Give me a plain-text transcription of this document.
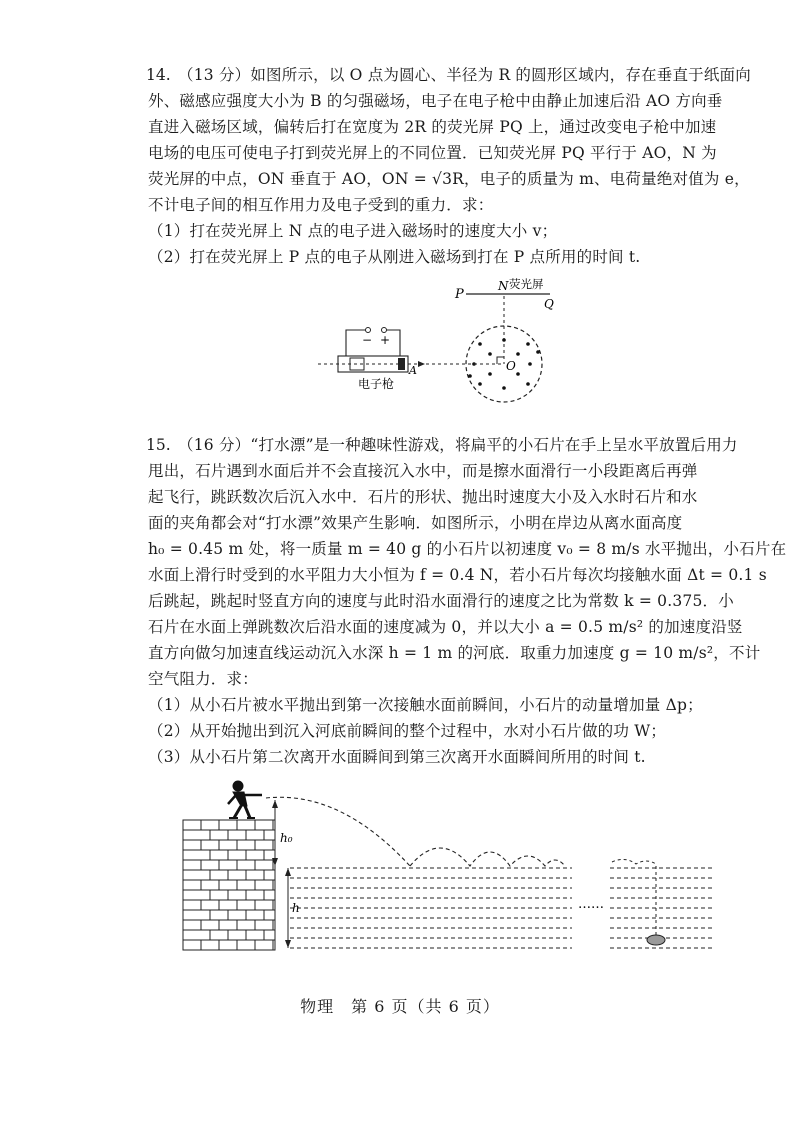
14. （13 分）如图所示，以 O 点为圆心、半径为 R 的圆形区域内，存在垂直于纸面向
外、磁感应强度大小为 B 的匀强磁场，电子在电子枪中由静止加速后沿 AO 方向垂
直进入磁场区域，偏转后打在宽度为 2R 的荧光屏 PQ 上，通过改变电子枪中加速
电场的电压可使电子打到荧光屏上的不同位置．已知荧光屏 PQ 平行于 AO，N 为
荧光屏的中点，ON 垂直于 AO，ON = √3R，电子的质量为 m、电荷量绝对值为 e，
不计电子间的相互作用力及电子受到的重力．求：
（1）打在荧光屏上 N 点的电子进入磁场时的速度大小 v；
（2）打在荧光屏上 P 点的电子从刚进入磁场到打在 P 点所用的时间 t.
P
N 荧光屏
Q
O
− +
A
电子枪
15. （16 分）“打水漂”是一种趣味性游戏，将扁平的小石片在手上呈水平放置后用力
甩出，石片遇到水面后并不会直接沉入水中，而是擦水面滑行一小段距离后再弹
起飞行，跳跃数次后沉入水中．石片的形状、抛出时速度大小及入水时石片和水
面的夹角都会对“打水漂”效果产生影响．如图所示，小明在岸边从离水面高度
h₀ = 0.45 m 处，将一质量 m = 40 g 的小石片以初速度 v₀ = 8 m/s 水平抛出，小石片在
水面上滑行时受到的水平阻力大小恒为 f = 0.4 N，若小石片每次均接触水面 Δt = 0.1 s
后跳起，跳起时竖直方向的速度与此时沿水面滑行的速度之比为常数 k = 0.375．小
石片在水面上弹跳数次后沿水面的速度减为 0，并以大小 a = 0.5 m/s² 的加速度沿竖
直方向做匀加速直线运动沉入水深 h = 1 m 的河底．取重力加速度 g = 10 m/s²，不计
空气阻力．求：
（1）从小石片被水平抛出到第一次接触水面前瞬间，小石片的动量增加量 Δp；
（2）从开始抛出到沉入河底前瞬间的整个过程中，水对小石片做的功 W；
（3）从小石片第二次离开水面瞬间到第三次离开水面瞬间所用的时间 t.
h₀
h	……
物理　第 6 页（共 6 页）
